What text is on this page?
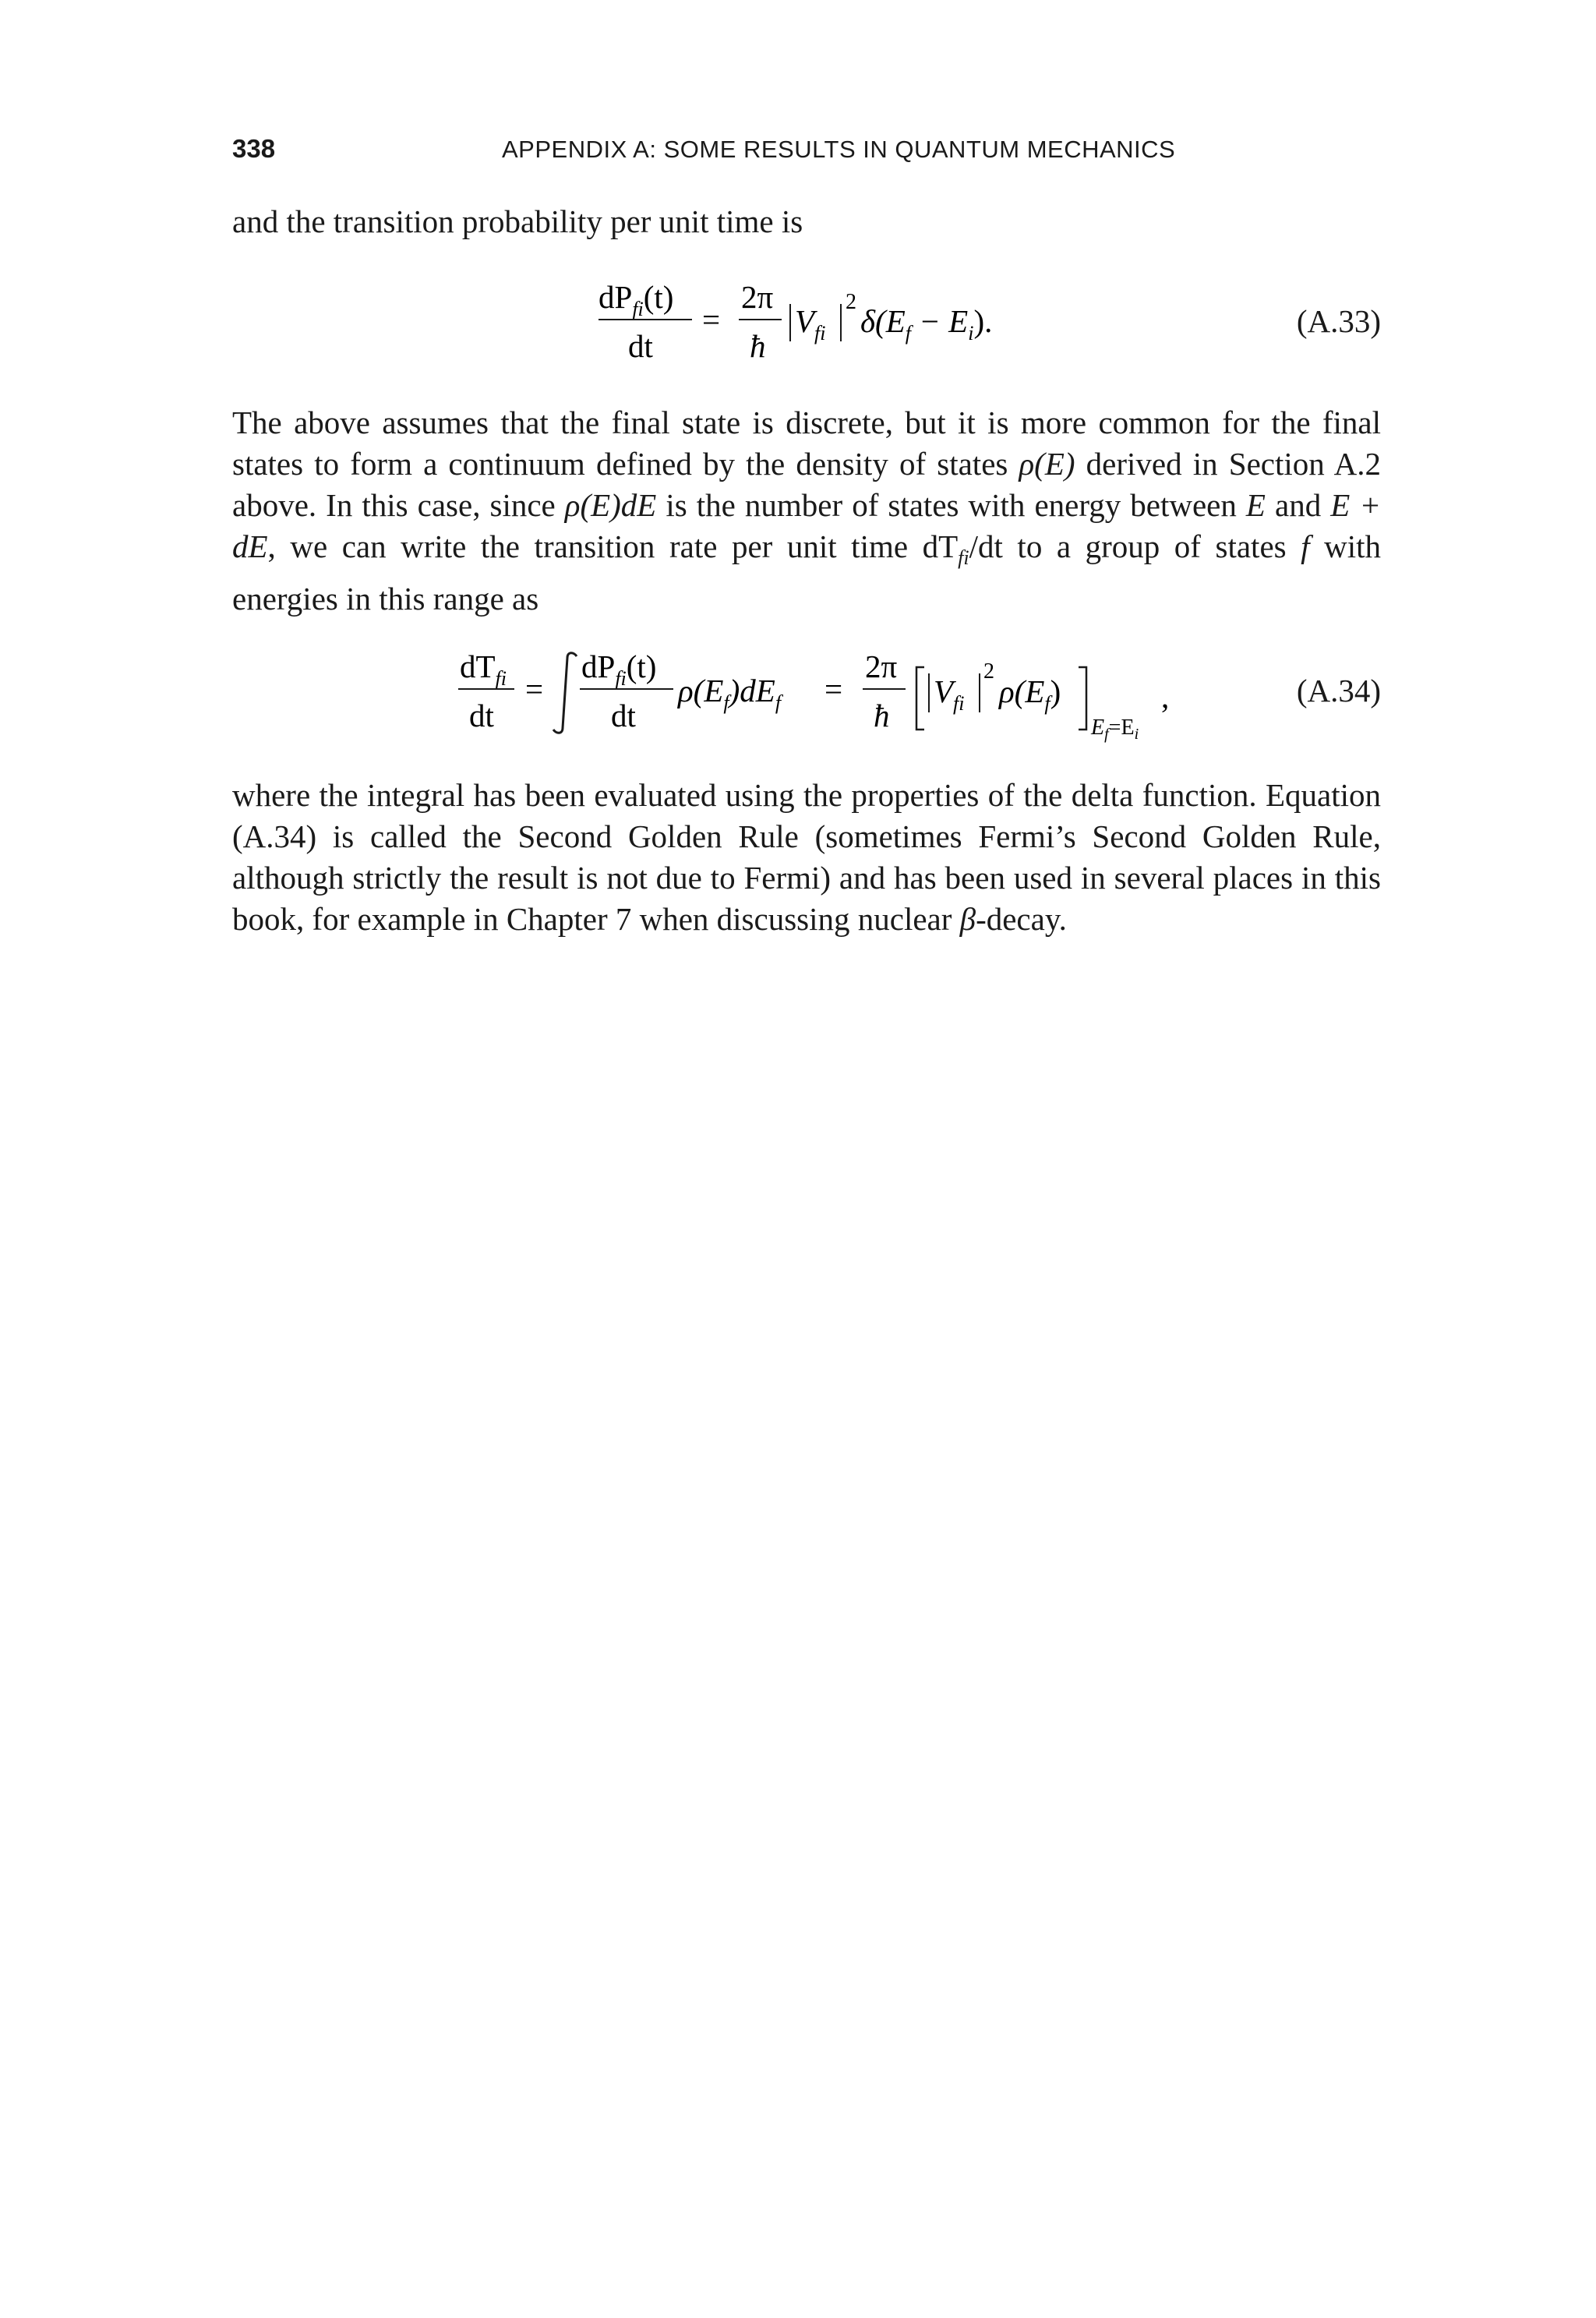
338	APPENDIX A: SOME RESULTS IN QUANTUM MECHANICS

and the transition probability per unit time is

$dP_{fi}(t)$
dt
=
2π
ħ
$V_{fi}$
2
$\delta(E_f - E_i)$.	(A.33)

The above assumes that the final state is discrete, but it is more common for the final states to form a continuum defined by the density of states ρ(E) derived in Section A.2 above. In this case, since ρ(E)dE is the number of states with energy between E and E + dE, we can write the transition rate per unit time $dT_{fi}/dt$ to a group of states f with energies in this range as

$dT_{fi}$
dt
=
$dP_{fi}(t)$
dt
$\rho(E_f)dE_f$ =
2π
ħ
$V_{fi}$
2
$\rho(E_f)$
$E_f=E_i$
,	(A.34)

where the integral has been evaluated using the properties of the delta function. Equation (A.34) is called the Second Golden Rule (sometimes Fermi’s Second Golden Rule, although strictly the result is not due to Fermi) and has been used in several places in this book, for example in Chapter 7 when discussing nuclear β-decay.
